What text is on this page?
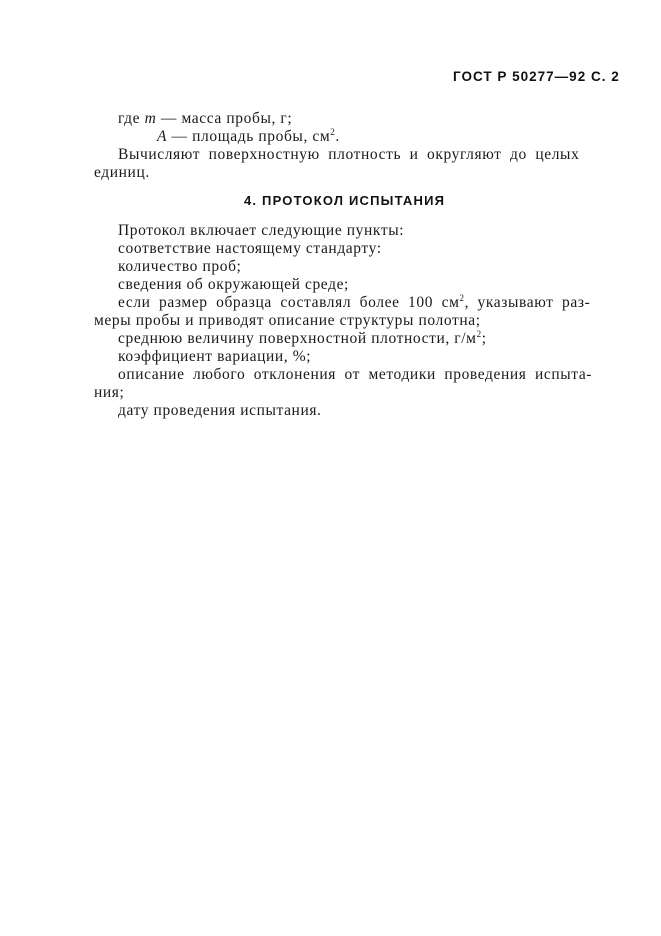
ГОСТ Р 50277—92 С. 2
где m — масса пробы, г;
A — площадь пробы, $см^2$.
Вычисляют поверхностную плотность и округляют до целых
единиц.
4. ПРОТОКОЛ ИСПЫТАНИЯ
Протокол включает следующие пункты:
соответствие настоящему стандарту:
количество проб;
сведения об окружающей среде;
если размер образца составлял более 100 $см^2$, указывают раз-
меры пробы и приводят описание структуры полотна;
среднюю величину поверхностной плотности, $г/м^2$;
коэффициент вариации, %;
описание любого отклонения от методики проведения испыта-
ния;
дату проведения испытания.
